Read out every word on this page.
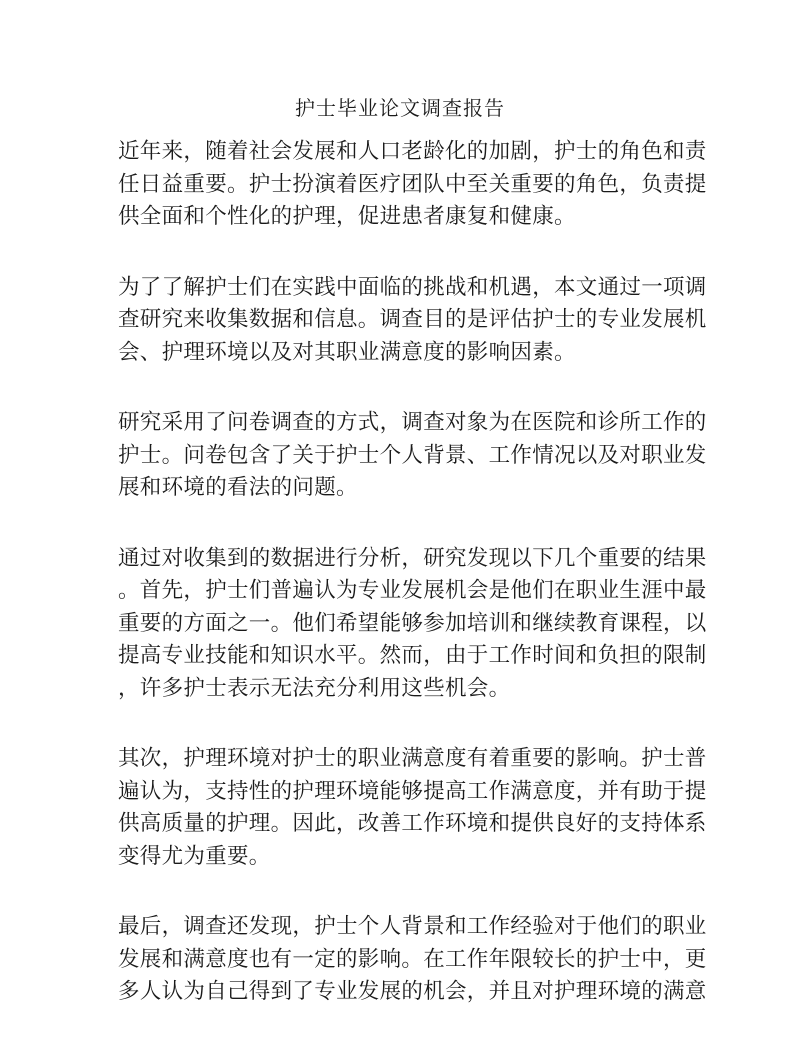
护士毕业论文调查报告

近年来，随着社会发展和人口老龄化的加剧，护士的角色和责
任日益重要。护士扮演着医疗团队中至关重要的角色，负责提
供全面和个性化的护理，促进患者康复和健康。

为了了解护士们在实践中面临的挑战和机遇，本文通过一项调
查研究来收集数据和信息。调查目的是评估护士的专业发展机
会、护理环境以及对其职业满意度的影响因素。

研究采用了问卷调查的方式，调查对象为在医院和诊所工作的
护士。问卷包含了关于护士个人背景、工作情况以及对职业发
展和环境的看法的问题。

通过对收集到的数据进行分析，研究发现以下几个重要的结果
。首先，护士们普遍认为专业发展机会是他们在职业生涯中最
重要的方面之一。他们希望能够参加培训和继续教育课程，以
提高专业技能和知识水平。然而，由于工作时间和负担的限制
，许多护士表示无法充分利用这些机会。

其次，护理环境对护士的职业满意度有着重要的影响。护士普
遍认为，支持性的护理环境能够提高工作满意度，并有助于提
供高质量的护理。因此，改善工作环境和提供良好的支持体系
变得尤为重要。

最后，调查还发现，护士个人背景和工作经验对于他们的职业
发展和满意度也有一定的影响。在工作年限较长的护士中，更
多人认为自己得到了专业发展的机会，并且对护理环境的满意
